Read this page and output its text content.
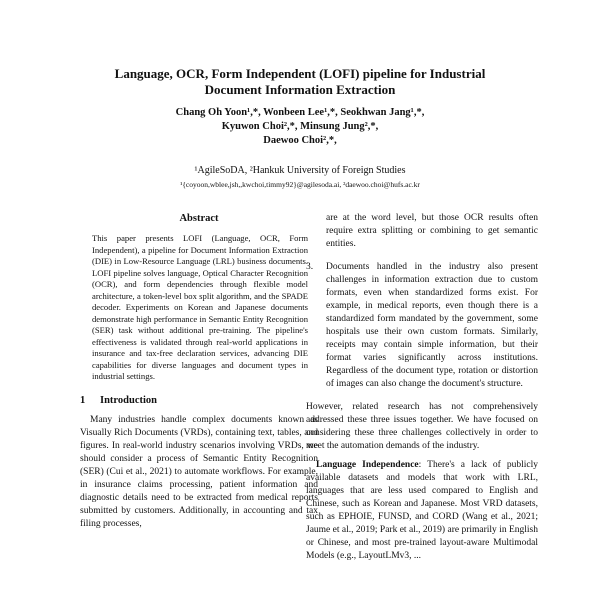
Language, OCR, Form Independent (LOFI) pipeline for Industrial
Document Information Extraction
Chang Oh Yoon¹,*, Wonbeen Lee¹,*, Seokhwan Jang¹,*,
Kyuwon Choi²,*, Minsung Jung²,*,
Daewoo Choi²,*,
¹AgileSoDA, ²Hankuk University of Foreign Studies
¹{coyoon,wblee,jsh,,kwchoi,timmy92}@agilesoda.ai, ²daewoo.choi@hufs.ac.kr
Abstract
This paper presents LOFI (Language, OCR, Form Independent), a pipeline for Document Information Extraction (DIE) in Low-Resource Language (LRL) business documents. LOFI pipeline solves language, Optical Character Recognition (OCR), and form dependencies through flexible model architecture, a token-level box split algorithm, and the SPADE decoder. Experiments on Korean and Japanese documents demonstrate high performance in Semantic Entity Recognition (SER) task without additional pre-training. The pipeline's effectiveness is validated through real-world applications in insurance and tax-free declaration services, advancing DIE capabilities for diverse languages and document types in industrial settings.
1 Introduction

Many industries handle complex documents known as Visually Rich Documents (VRDs), containing text, tables, and figures. In real-world industry scenarios involving VRDs, we should consider a process of Semantic Entity Recognition (SER) (Cui et al., 2021) to automate workflows. For example, in insurance claims processing, patient information and diagnostic details need to be extracted from medical reports submitted by customers. Additionally, in accounting and tax filing processes,

are at the word level, but those OCR results often require extra splitting or combining to get semantic entities.
3.	Documents handled in the industry also present challenges in information extraction due to custom formats, even when standardized forms exist. For example, in medical reports, even though there is a standardized form mandated by the government, some hospitals use their own custom formats. Similarly, receipts may contain simple information, but their format varies significantly across institutions. Regardless of the document type, rotation or distortion of images can also change the document's structure.

However, related research has not comprehensively addressed these three issues together. We have focused on considering these three challenges collectively in order to meet the automation demands of the industry.

Language Independence: There's a lack of publicly available datasets and models that work with LRL, languages that are less used compared to English and Chinese, such as Korean and Japanese. Most VRD datasets, such as EPHOIE, FUNSD, and CORD (Wang et al., 2021; Jaume et al., 2019; Park et al., 2019) are primarily in English or Chinese, and most pre-trained layout-aware Multimodal Models (e.g., LayoutLMv3, ...
